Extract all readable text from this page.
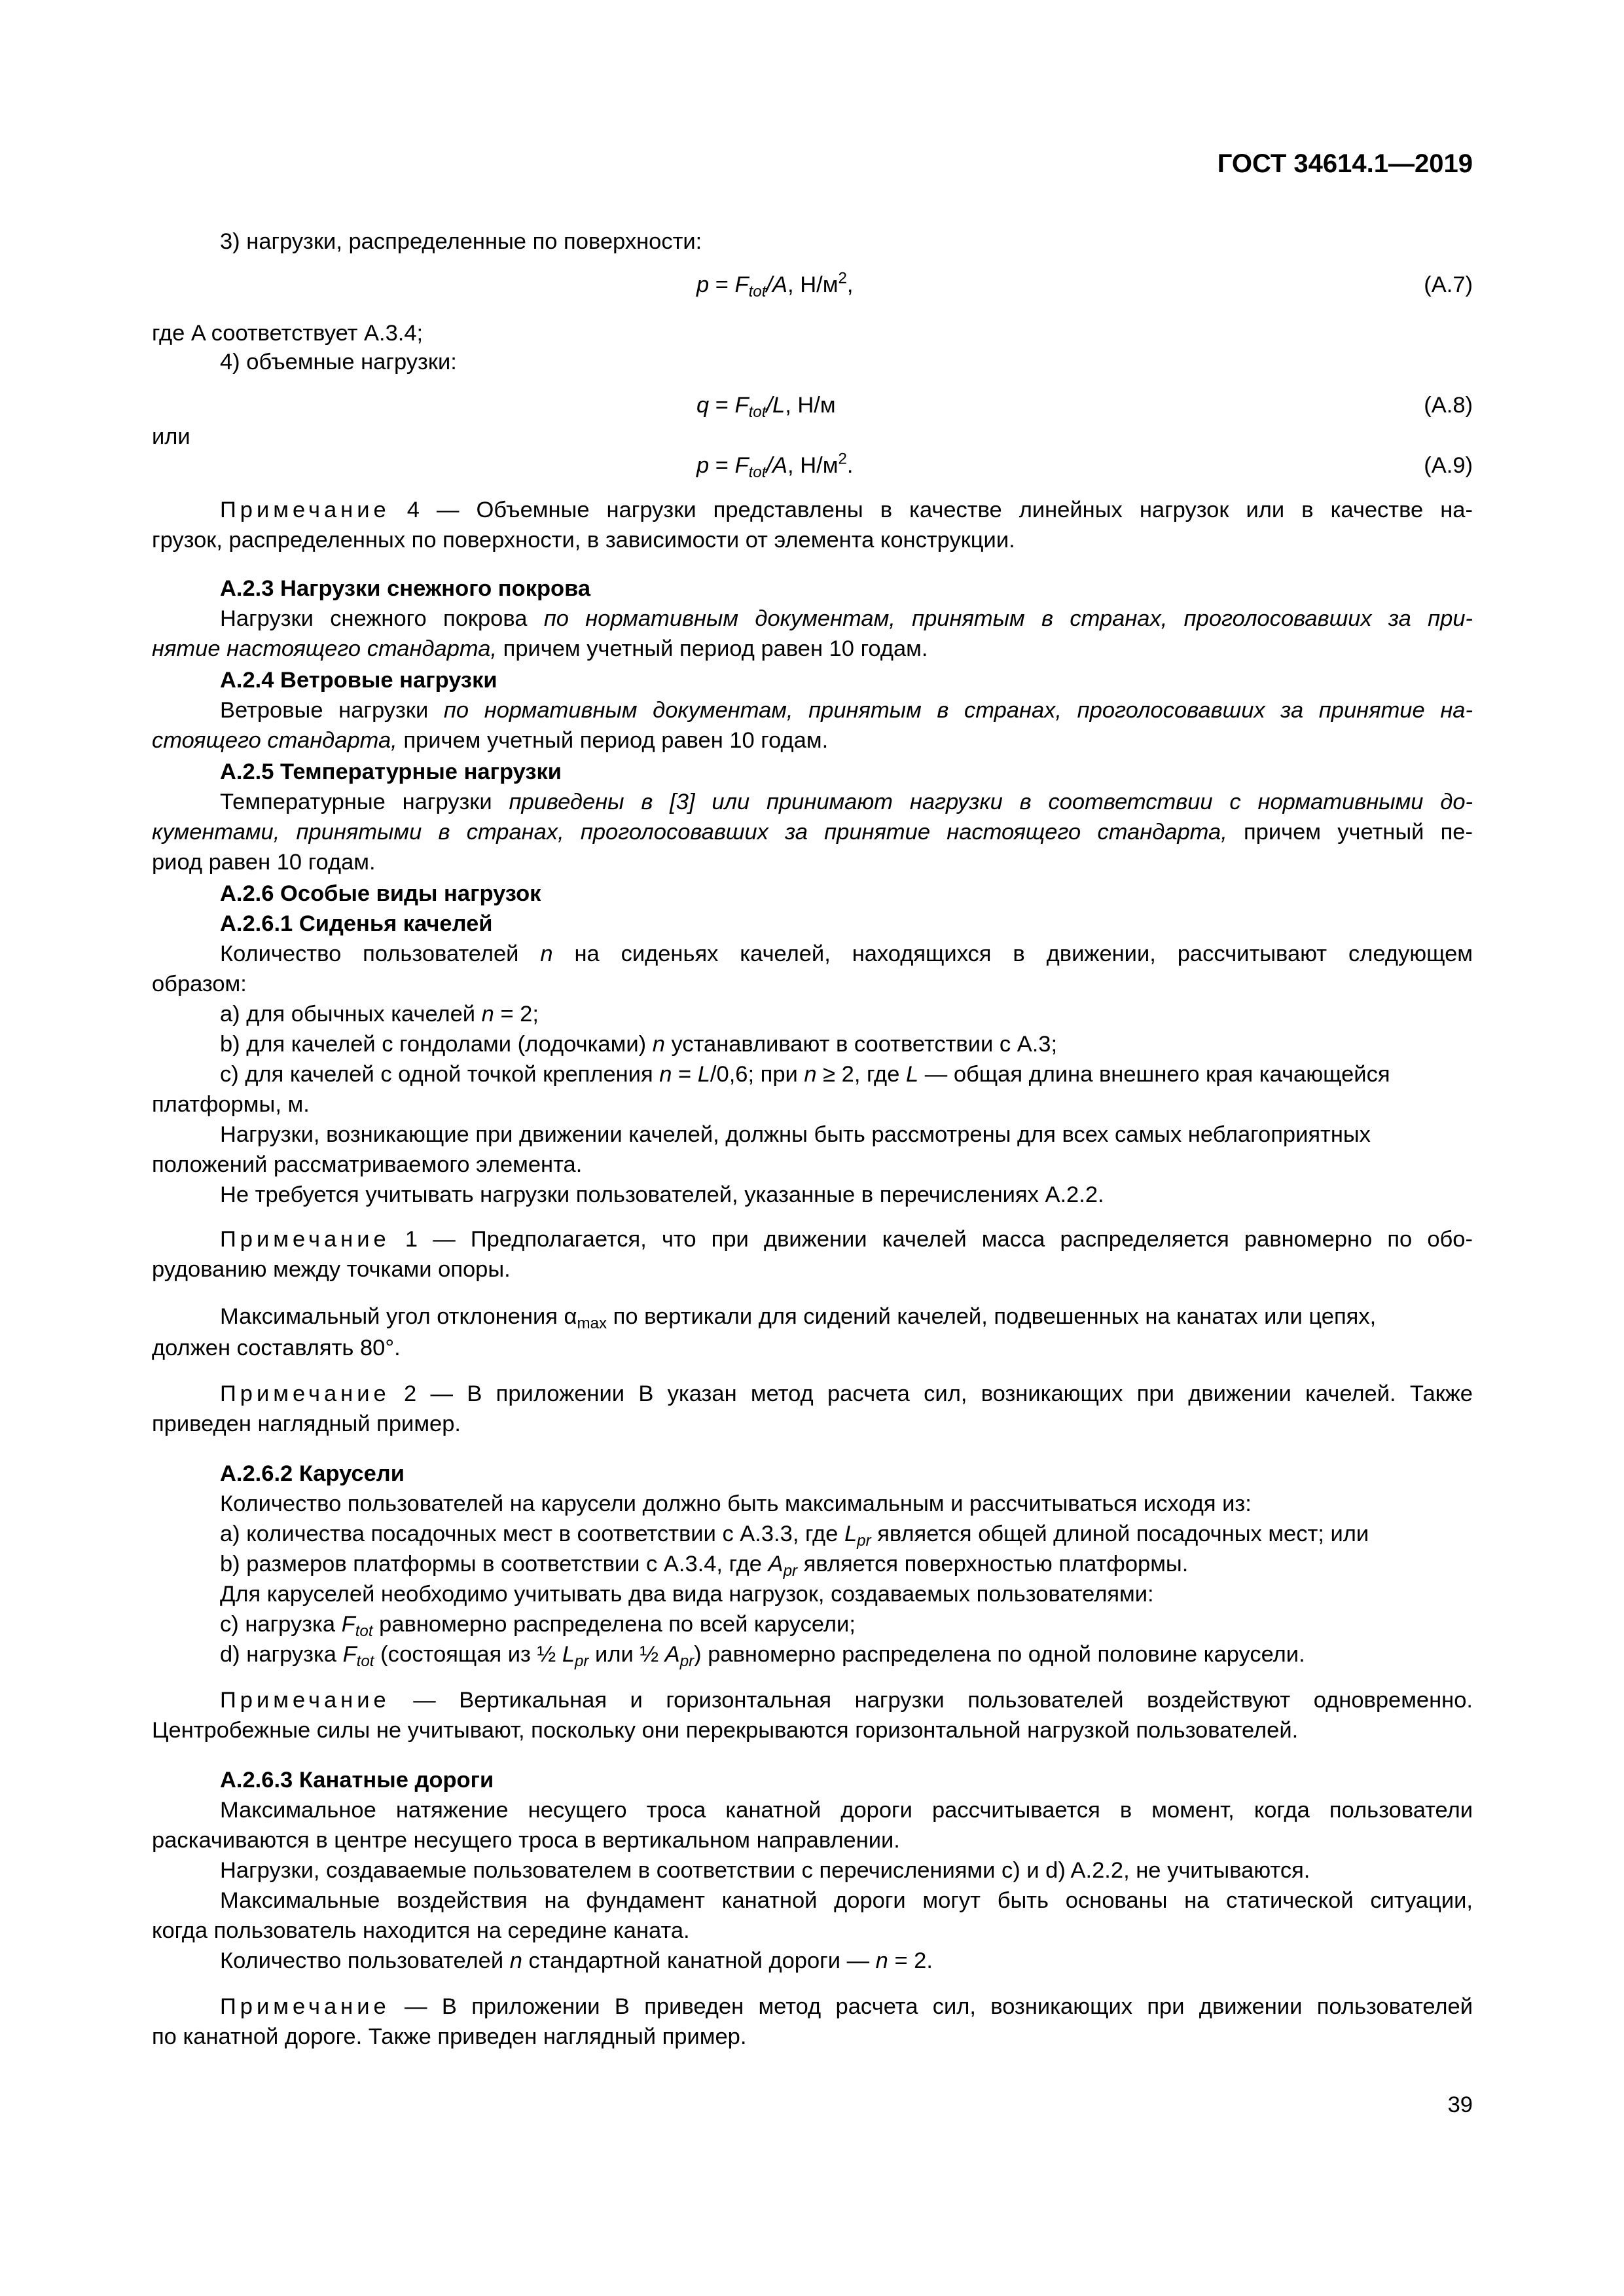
ГОСТ 34614.1—2019
3) нагрузки, распределенные по поверхности:
$p = F_{tot}/A$, $Н/м^2$,	(A.7)
где A соответствует A.3.4;
4) объемные нагрузки:
$q = F_{tot}/L$, Н/м	(A.8)
или
$p = F_{tot}/A$, $Н/м^2$.	(A.9)
Примечание 4 — Объемные нагрузки представлены в качестве линейных нагрузок или в качестве на-
грузок, распределенных по поверхности, в зависимости от элемента конструкции.
A.2.3 Нагрузки снежного покрова
Нагрузки снежного покрова по нормативным документам, принятым в странах, проголосовавших за при-
нятие настоящего стандарта, причем учетный период равен 10 годам.
A.2.4 Ветровые нагрузки
Ветровые нагрузки по нормативным документам, принятым в странах, проголосовавших за принятие на-
стоящего стандарта, причем учетный период равен 10 годам.
A.2.5 Температурные нагрузки
Температурные нагрузки приведены в [3] или принимают нагрузки в соответствии с нормативными до-
кументами, принятыми в странах, проголосовавших за принятие настоящего стандарта, причем учетный пе-
риод равен 10 годам.
A.2.6 Особые виды нагрузок
A.2.6.1 Сиденья качелей
Количество пользователей n на сиденьях качелей, находящихся в движении, рассчитывают следующем
образом:
a) для обычных качелей n = 2;
b) для качелей с гондолами (лодочками) n устанавливают в соответствии с A.3;
c) для качелей с одной точкой крепления n = L/0,6; при n ≥ 2, где L — общая длина внешнего края качающейся
платформы, м.
Нагрузки, возникающие при движении качелей, должны быть рассмотрены для всех самых неблагоприятных
положений рассматриваемого элемента.
Не требуется учитывать нагрузки пользователей, указанные в перечислениях A.2.2.
Примечание 1 — Предполагается, что при движении качелей масса распределяется равномерно по обо-
рудованию между точками опоры.
Максимальный угол отклонения $\alpha_{max}$ по вертикали для сидений качелей, подвешенных на канатах или цепях,
должен составлять 80°.
Примечание 2 — В приложении B указан метод расчета сил, возникающих при движении качелей. Также
приведен наглядный пример.
A.2.6.2 Карусели
Количество пользователей на карусели должно быть максимальным и рассчитываться исходя из:
a) количества посадочных мест в соответствии с A.3.3, где $L_{pr}$ является общей длиной посадочных мест; или
b) размеров платформы в соответствии с A.3.4, где $A_{pr}$ является поверхностью платформы.
Для каруселей необходимо учитывать два вида нагрузок, создаваемых пользователями:
c) нагрузка $F_{tot}$ равномерно распределена по всей карусели;
d) нагрузка $F_{tot}$ (состоящая из ½ $L_{pr}$ или ½ $A_{pr}$) равномерно распределена по одной половине карусели.
Примечание — Вертикальная и горизонтальная нагрузки пользователей воздействуют одновременно.
Центробежные силы не учитывают, поскольку они перекрываются горизонтальной нагрузкой пользователей.
A.2.6.3 Канатные дороги
Максимальное натяжение несущего троса канатной дороги рассчитывается в момент, когда пользователи
раскачиваются в центре несущего троса в вертикальном направлении.
Нагрузки, создаваемые пользователем в соответствии с перечислениями c) и d) A.2.2, не учитываются.
Максимальные воздействия на фундамент канатной дороги могут быть основаны на статической ситуации,
когда пользователь находится на середине каната.
Количество пользователей n стандартной канатной дороги — n = 2.
Примечание — В приложении B приведен метод расчета сил, возникающих при движении пользователей
по канатной дороге. Также приведен наглядный пример.
39
